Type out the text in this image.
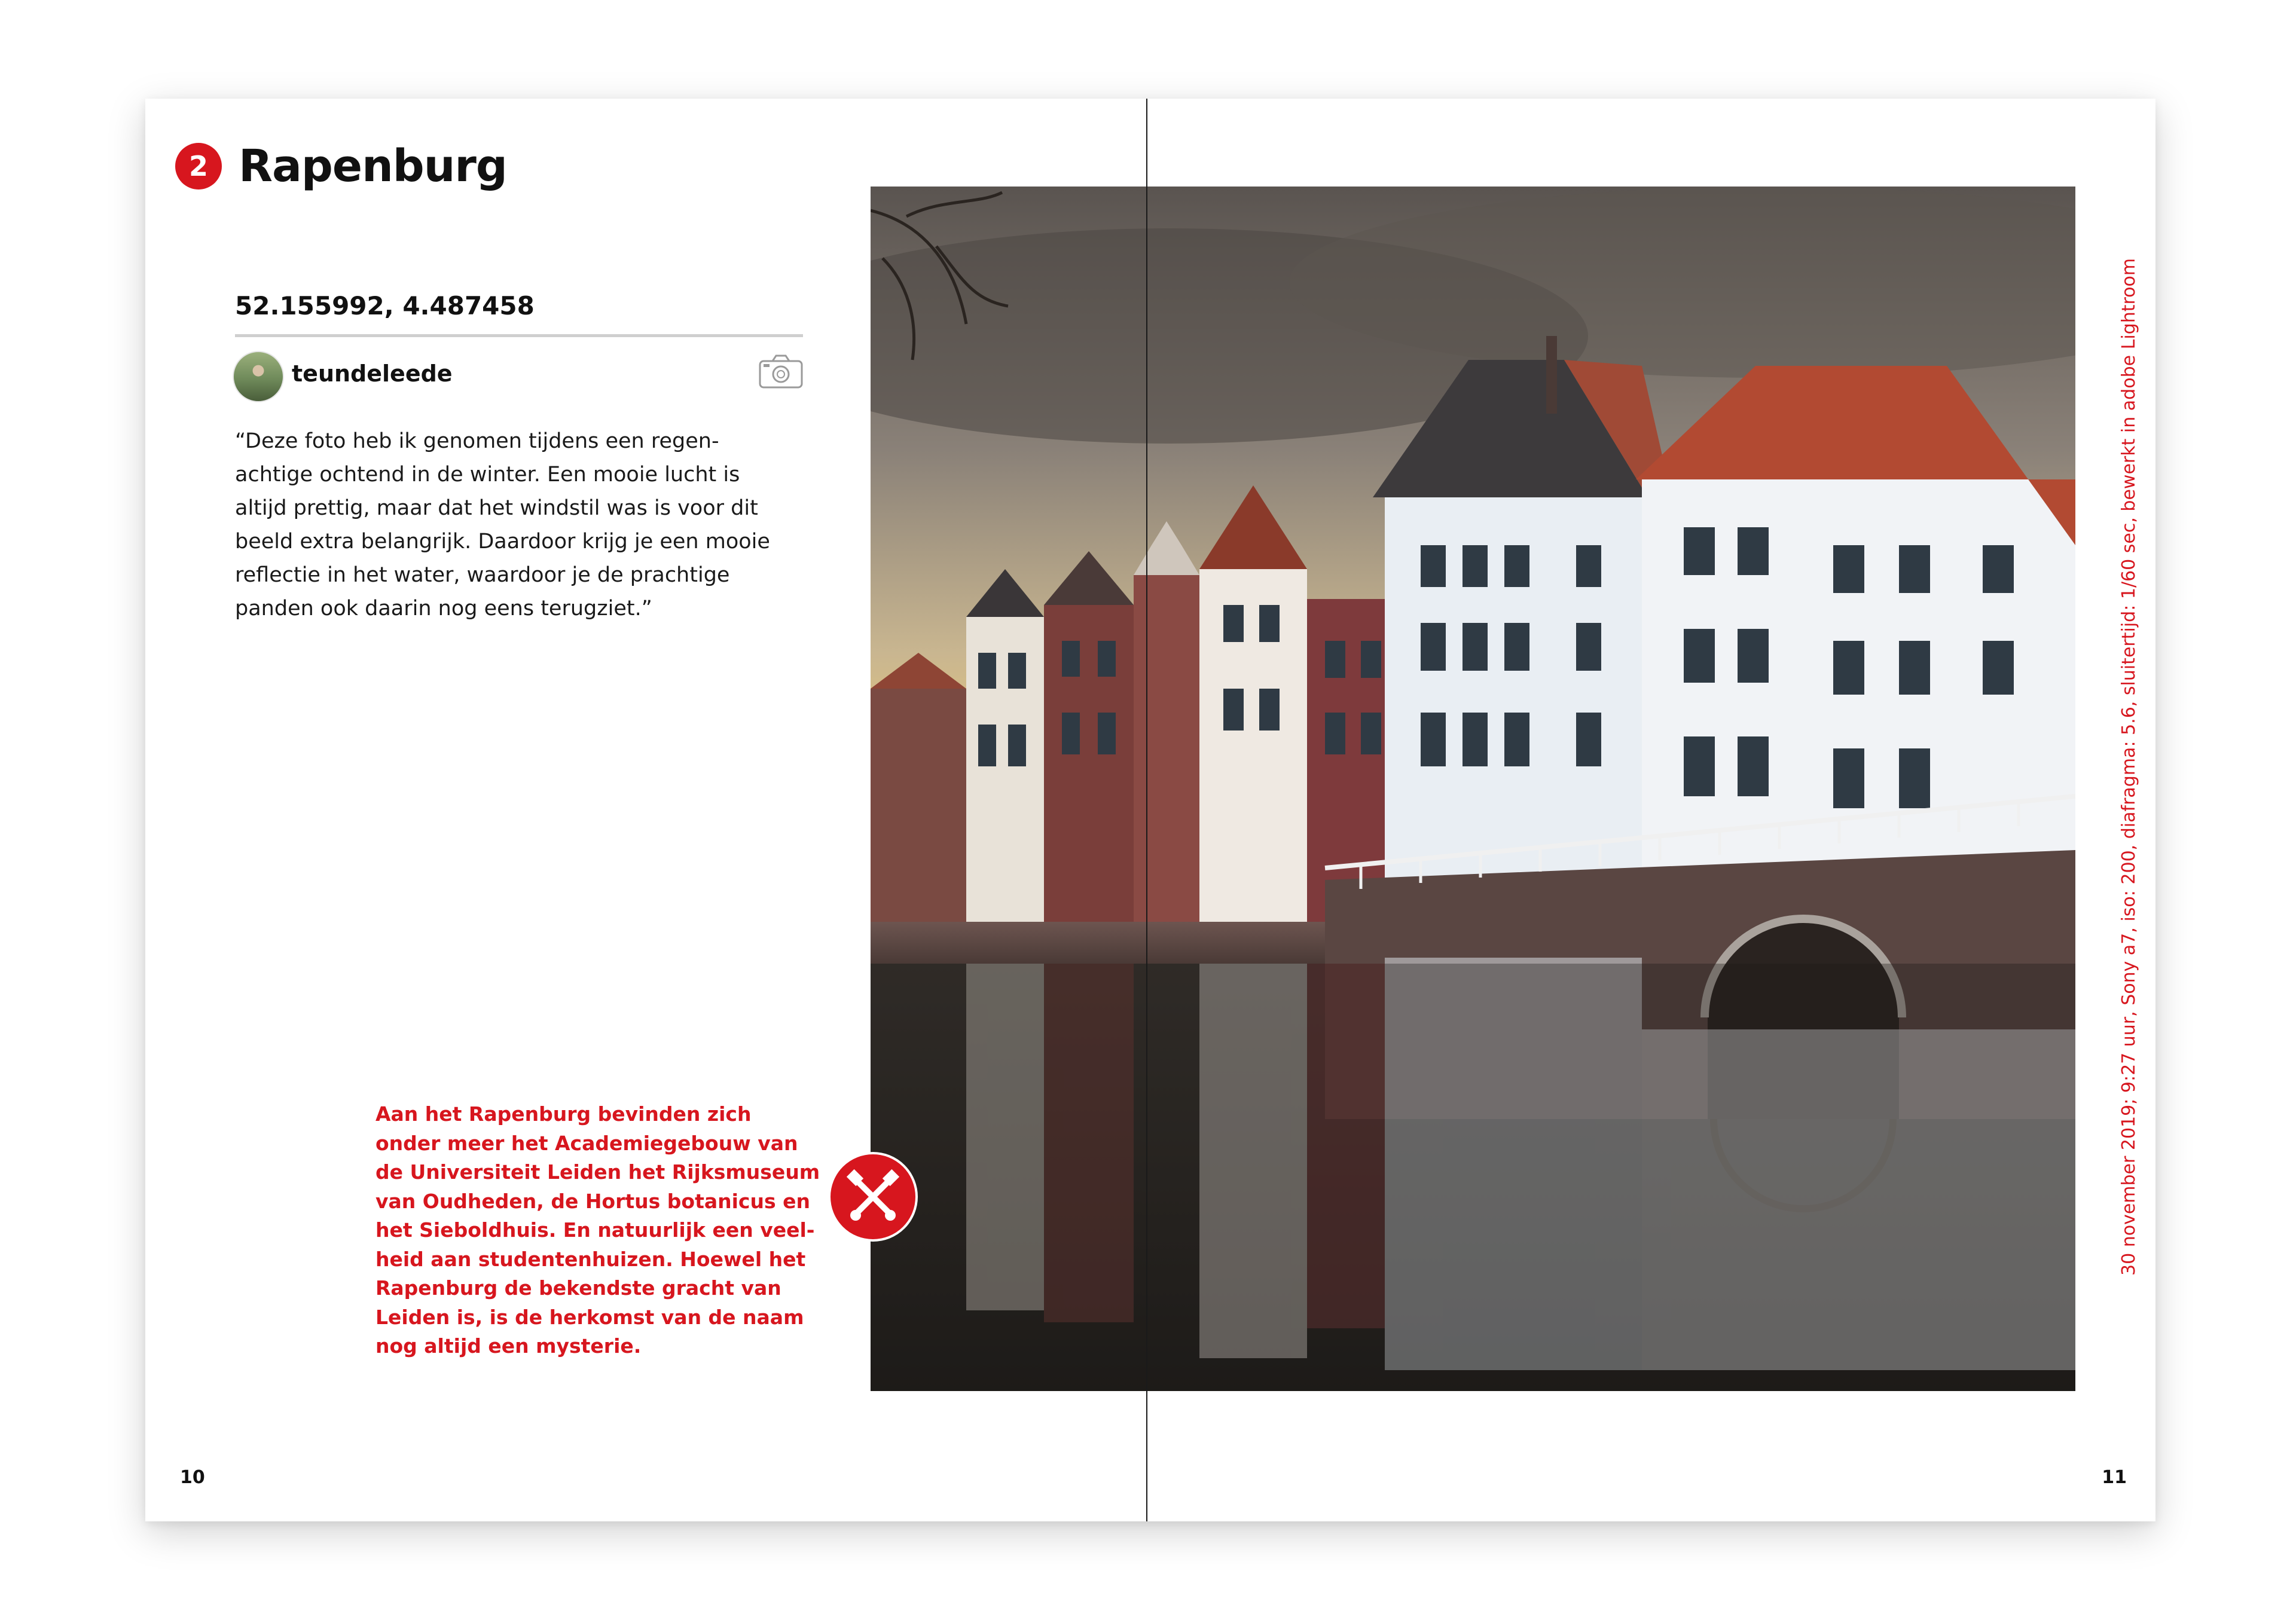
2 Rapenburg
52.155992, 4.487458
teundeleede
“Deze foto heb ik genomen tijdens een regen-
achtige ochtend in de winter. Een mooie lucht is
altijd prettig, maar dat het windstil was is voor dit
beeld extra belangrijk. Daardoor krijg je een mooie
reflectie in het water, waardoor je de prachtige
panden ook daarin nog eens terugziet.”
Aan het Rapenburg bevinden zich
onder meer het Academiegebouw van
de Universiteit Leiden het Rijksmuseum
van Oudheden, de Hortus botanicus en
het Sieboldhuis. En natuurlijk een veel-
heid aan studentenhuizen. Hoewel het
Rapenburg de bekendste gracht van
Leiden is, is de herkomst van de naam
nog altijd een mysterie.
30 november 2019; 9:27 uur, Sony a7, iso: 200, diafragma: 5.6, sluitertijd: 1/60 sec, bewerkt in adobe Lightroom
10	11
